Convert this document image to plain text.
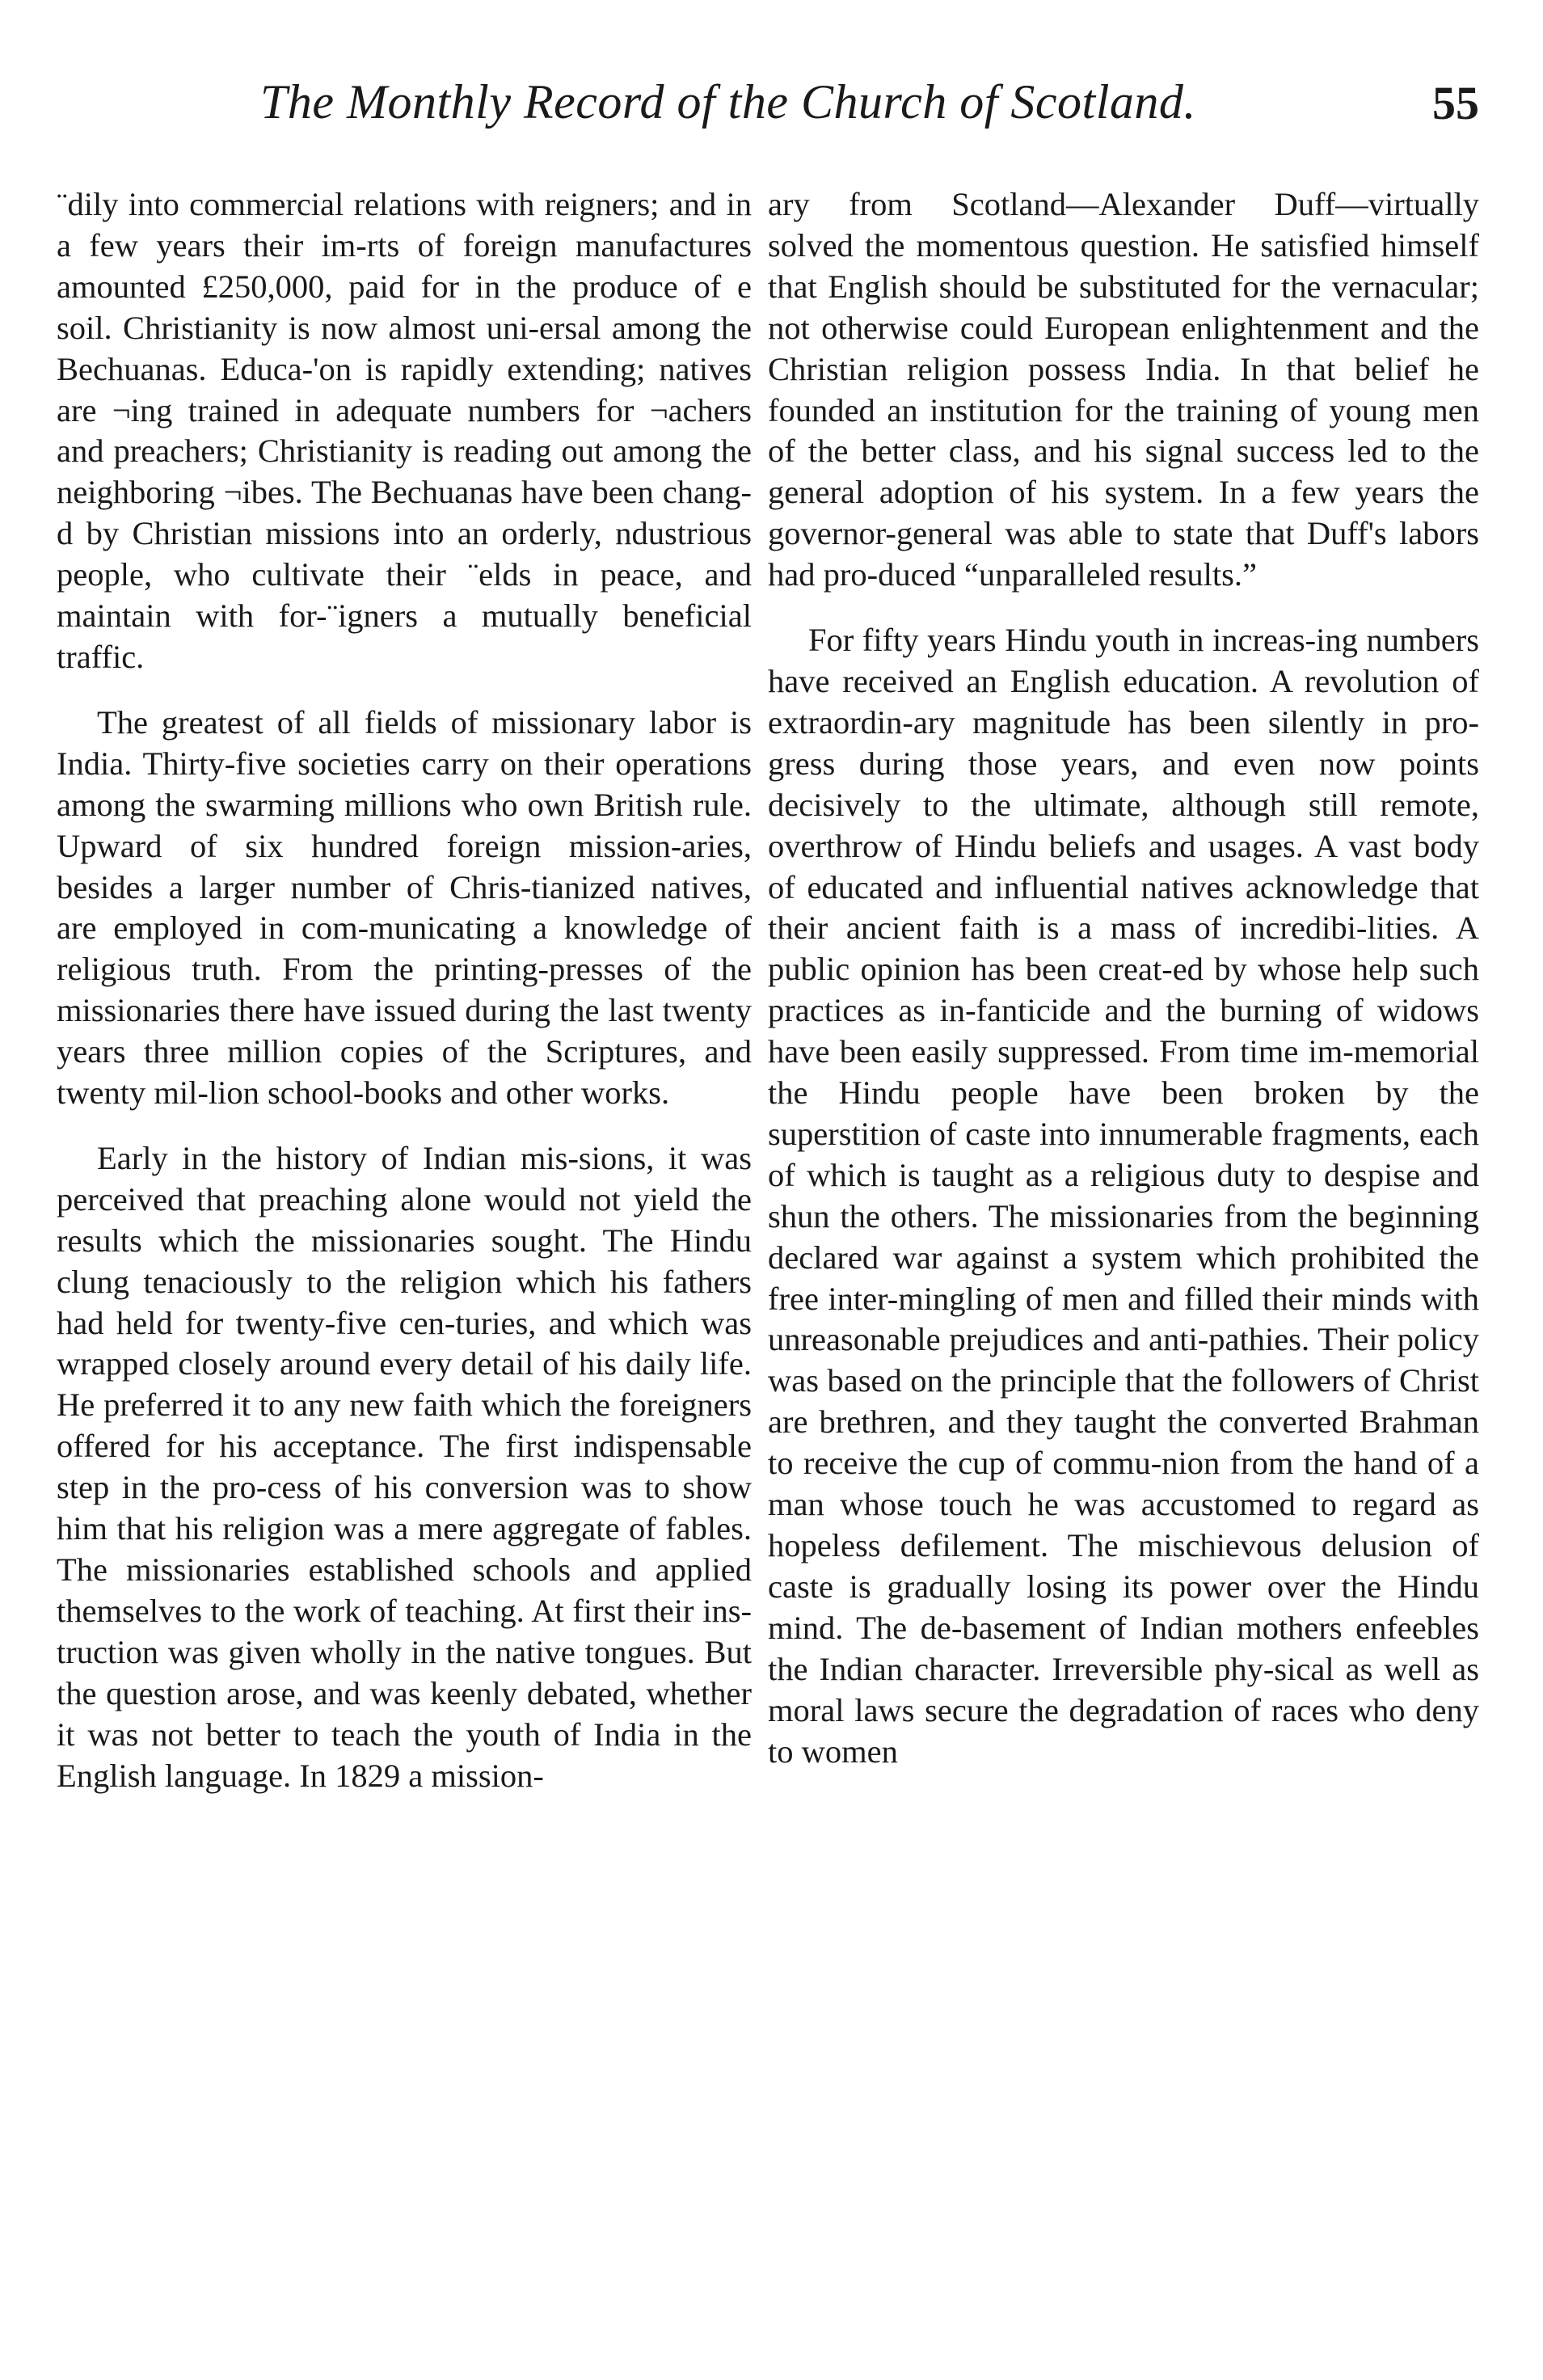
The Monthly Record of the Church of Scotland.	55

¨dily into commercial relations with reigners; and in a few years their im-rts of foreign manufactures amounted £250,000, paid for in the produce of e soil. Christianity is now almost uni-ersal among the Bechuanas. Educa-'on is rapidly extending; natives are ¬ing trained in adequate numbers for ¬achers and preachers; Christianity is reading out among the neighboring ¬ibes. The Bechuanas have been chang-d by Christian missions into an orderly, ndustrious people, who cultivate their ¨elds in peace, and maintain with for-¨igners a mutually beneficial traffic.

The greatest of all fields of missionary labor is India. Thirty-five societies carry on their operations among the swarming millions who own British rule. Upward of six hundred foreign mission-aries, besides a larger number of Chris-tianized natives, are employed in com-municating a knowledge of religious truth. From the printing-presses of the missionaries there have issued during the last twenty years three million copies of the Scriptures, and twenty mil-lion school-books and other works.

Early in the history of Indian mis-sions, it was perceived that preaching alone would not yield the results which the missionaries sought. The Hindu clung tenaciously to the religion which his fathers had held for twenty-five cen-turies, and which was wrapped closely around every detail of his daily life. He preferred it to any new faith which the foreigners offered for his acceptance. The first indispensable step in the pro-cess of his conversion was to show him that his religion was a mere aggregate of fables. The missionaries established schools and applied themselves to the work of teaching. At first their ins-truction was given wholly in the native tongues. But the question arose, and was keenly debated, whether it was not better to teach the youth of India in the English language. In 1829 a mission-

ary from Scotland—Alexander Duff—virtually solved the momentous question. He satisfied himself that English should be substituted for the vernacular; not otherwise could European enlightenment and the Christian religion possess India. In that belief he founded an institution for the training of young men of the better class, and his signal success led to the general adoption of his system. In a few years the governor-general was able to state that Duff's labors had pro-duced “unparalleled results.”

For fifty years Hindu youth in increas-ing numbers have received an English education. A revolution of extraordin-ary magnitude has been silently in pro-gress during those years, and even now points decisively to the ultimate, although still remote, overthrow of Hindu beliefs and usages. A vast body of educated and influential natives acknowledge that their ancient faith is a mass of incredibi-lities. A public opinion has been creat-ed by whose help such practices as in-fanticide and the burning of widows have been easily suppressed. From time im-memorial the Hindu people have been broken by the superstition of caste into innumerable fragments, each of which is taught as a religious duty to despise and shun the others. The missionaries from the beginning declared war against a system which prohibited the free inter-mingling of men and filled their minds with unreasonable prejudices and anti-pathies. Their policy was based on the principle that the followers of Christ are brethren, and they taught the converted Brahman to receive the cup of commu-nion from the hand of a man whose touch he was accustomed to regard as hopeless defilement. The mischievous delusion of caste is gradually losing its power over the Hindu mind. The de-basement of Indian mothers enfeebles the Indian character. Irreversible phy-sical as well as moral laws secure the degradation of races who deny to women
